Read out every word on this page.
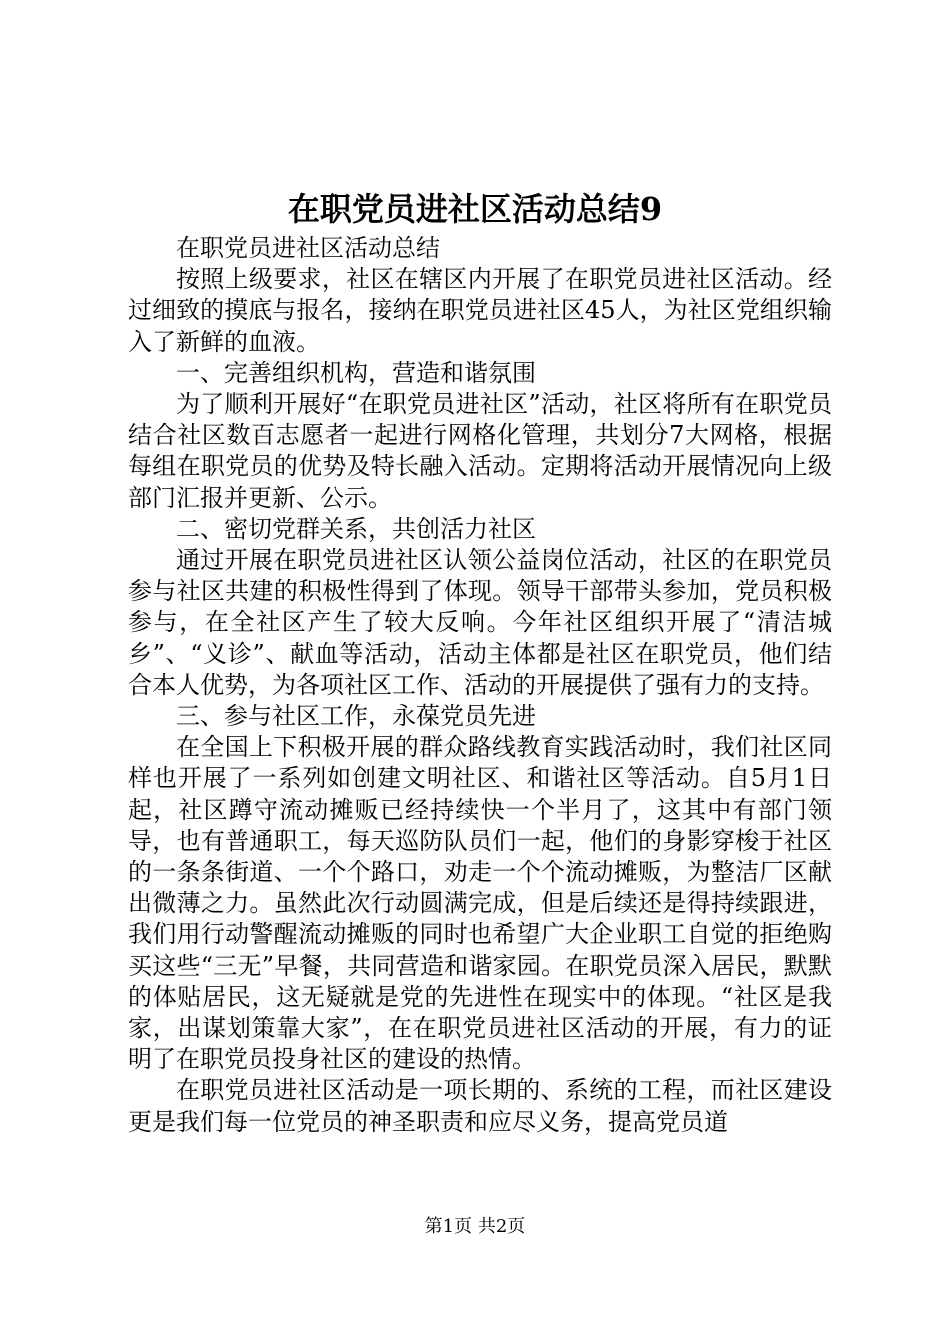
在职党员进社区活动总结9

在职党员进社区活动总结

按照上级要求，社区在辖区内开展了在职党员进社区活动。经过细致的摸底与报名，接纳在职党员进社区45人，为社区党组织输入了新鲜的血液。

一、完善组织机构，营造和谐氛围

为了顺利开展好“在职党员进社区”活动，社区将所有在职党员结合社区数百志愿者一起进行网格化管理，共划分7大网格，根据每组在职党员的优势及特长融入活动。定期将活动开展情况向上级部门汇报并更新、公示。

二、密切党群关系，共创活力社区

通过开展在职党员进社区认领公益岗位活动，社区的在职党员参与社区共建的积极性得到了体现。领导干部带头参加，党员积极参与，在全社区产生了较大反响。今年社区组织开展了“清洁城乡”、“义诊”、献血等活动，活动主体都是社区在职党员，他们结合本人优势，为各项社区工作、活动的开展提供了强有力的支持。

三、参与社区工作，永葆党员先进

在全国上下积极开展的群众路线教育实践活动时，我们社区同样也开展了一系列如创建文明社区、和谐社区等活动。自5月1日起，社区蹲守流动摊贩已经持续快一个半月了，这其中有部门领导，也有普通职工，每天巡防队员们一起，他们的身影穿梭于社区的一条条街道、一个个路口，劝走一个个流动摊贩，为整洁厂区献出微薄之力。虽然此次行动圆满完成，但是后续还是得持续跟进，我们用行动警醒流动摊贩的同时也希望广大企业职工自觉的拒绝购买这些“三无”早餐，共同营造和谐家园。在职党员深入居民，默默的体贴居民，这无疑就是党的先进性在现实中的体现。“社区是我家，出谋划策靠大家”，在在职党员进社区活动的开展，有力的证明了在职党员投身社区的建设的热情。

在职党员进社区活动是一项长期的、系统的工程，而社区建设更是我们每一位党员的神圣职责和应尽义务，提高党员道

第1页 共2页
